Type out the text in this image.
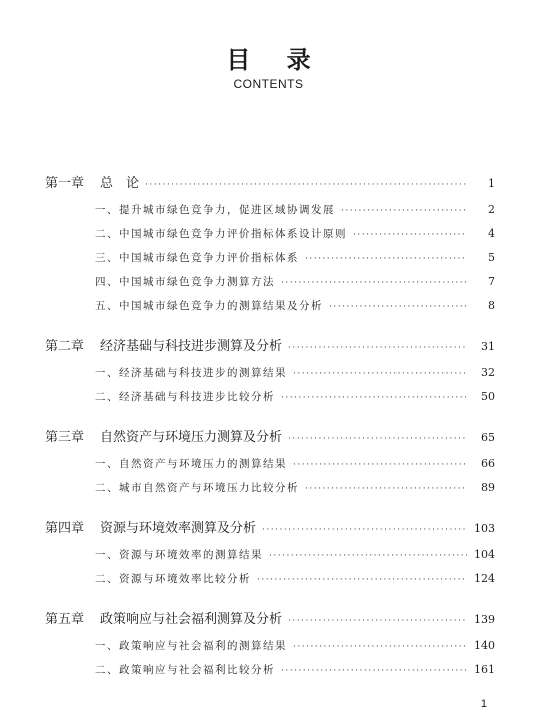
目 录
CONTENTS
第一章	总　论 ·····	1
一、提升城市绿色竞争力，促进区域协调发展 ·····	2
二、中国城市绿色竞争力评价指标体系设计原则 ·····	4
三、中国城市绿色竞争力评价指标体系 ·····	5
四、中国城市绿色竞争力测算方法 ·····	7
五、中国城市绿色竞争力的测算结果及分析 ·····	8
第二章	经济基础与科技进步测算及分析 ·····	31
一、经济基础与科技进步的测算结果 ·····	32
二、经济基础与科技进步比较分析 ·····	50
第三章	自然资产与环境压力测算及分析 ·····	65
一、自然资产与环境压力的测算结果 ·····	66
二、城市自然资产与环境压力比较分析 ·····	89
第四章	资源与环境效率测算及分析 ·····	103
一、资源与环境效率的测算结果 ·····	104
二、资源与环境效率比较分析 ·····	124
第五章	政策响应与社会福利测算及分析 ·····	139
一、政策响应与社会福利的测算结果 ·····	140
二、政策响应与社会福利比较分析 ·····	161
1
